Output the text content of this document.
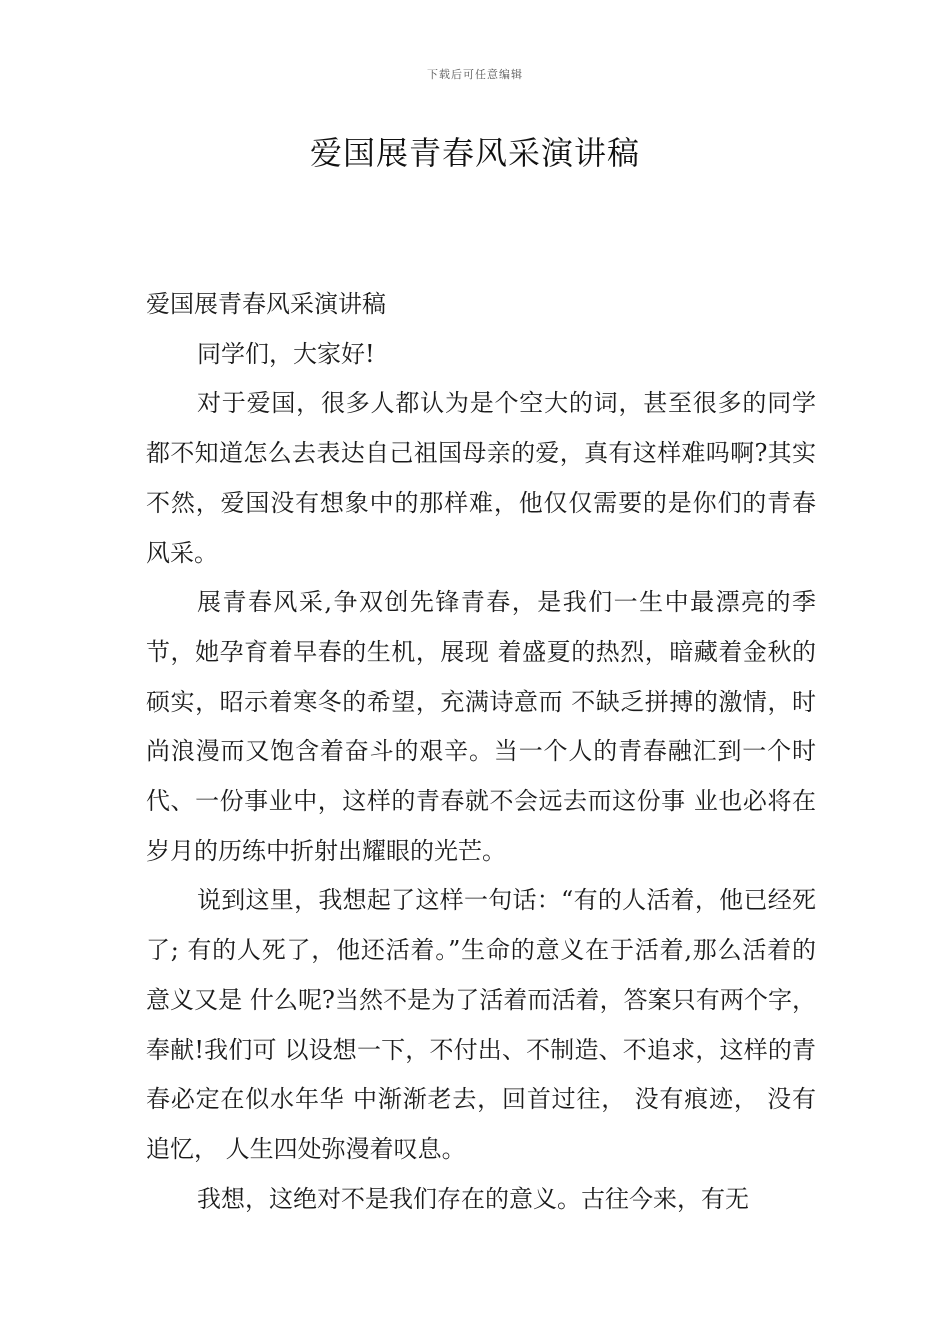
下载后可任意编辑
爱国展青春风采演讲稿

爱国展青春风采演讲稿

同学们，大家好!

对于爱国，很多人都认为是个空大的词，甚至很多的同学都不知道怎么去表达自己祖国母亲的爱，真有这样难吗啊?其实不然，爱国没有想象中的那样难，他仅仅需要的是你们的青春风采。

展青春风采,争双创先锋青春，是我们一生中最漂亮的季节，她孕育着早春的生机，展现 着盛夏的热烈，暗藏着金秋的硕实，昭示着寒冬的希望，充满诗意而 不缺乏拼搏的激情，时尚浪漫而又饱含着奋斗的艰辛。当一个人的青春融汇到一个时代、一份事业中，这样的青春就不会远去而这份事 业也必将在岁月的历练中折射出耀眼的光芒。

说到这里，我想起了这样一句话：“有的人活着，他已经死了; 有的人死了，他还活着。”生命的意义在于活着,那么活着的意义又是 什么呢?当然不是为了活着而活着，答案只有两个字，奉献!我们可 以设想一下，不付出、不制造、不追求，这样的青春必定在似水年华 中渐渐老去，回首过往， 没有痕迹， 没有追忆， 人生四处弥漫着叹息。

我想，这绝对不是我们存在的意义。古往今来，有无
